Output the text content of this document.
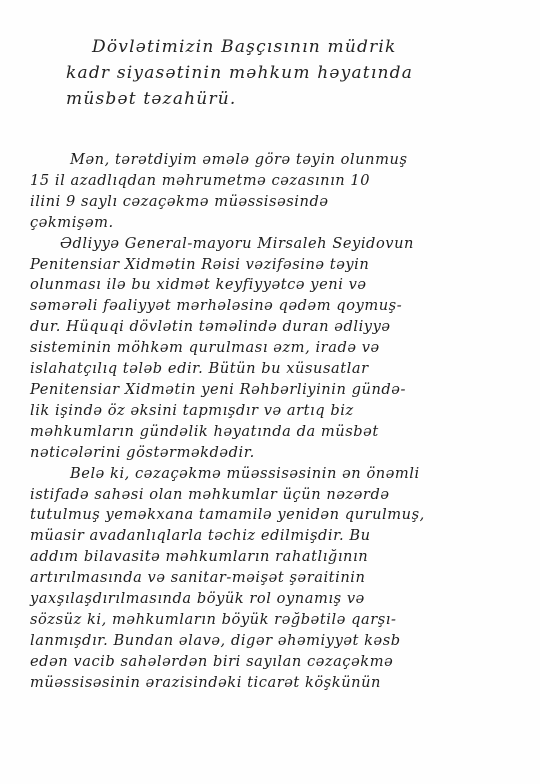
Dövlətimizin Başçısının müdrik
kadr siyasətinin məhkum həyatında
müsbət təzahürü.
Mən, tərətdiyim əmələ görə təyin olunmuş
15 il azadlıqdan məhrumetmə cəzasının 10
ilini 9 saylı cəzaçəkmə müəssisəsində
çəkmişəm.
Ədliyyə General-mayoru Mirsaleh Seyidovun
Penitensiar Xidmətin Rəisi vəzifəsinə təyin
olunması ilə bu xidmət keyfiyyətcə yeni və
səmərəli fəaliyyət mərhələsinə qədəm qoymuş-
dur. Hüquqi dövlətin təməlində duran ədliyyə
sisteminin möhkəm qurulması əzm, iradə və
islahatçılıq tələb edir. Bütün bu xüsusatlar
Penitensiar Xidmətin yeni Rəhbərliyinin gündə-
lik işində öz əksini tapmışdır və artıq biz
məhkumların gündəlik həyatında da müsbət
nəticələrini göstərməkdədir.
Belə ki, cəzaçəkmə müəssisəsinin ən önəmli
istifadə sahəsi olan məhkumlar üçün nəzərdə
tutulmuş yeməkxana tamamilə yenidən qurulmuş,
müasir avadanlıqlarla təchiz edilmişdir. Bu
addım bilavasitə məhkumların rahatlığının
artırılmasında və sanitar-məişət şəraitinin
yaxşılaşdırılmasında böyük rol oynamış və
sözsüz ki, məhkumların böyük rəğbətilə qarşı-
lanmışdır. Bundan əlavə, digər əhəmiyyət kəsb
edən vacib sahələrdən biri sayılan cəzaçəkmə
müəssisəsinin ərazisindəki ticarət köşkünün
